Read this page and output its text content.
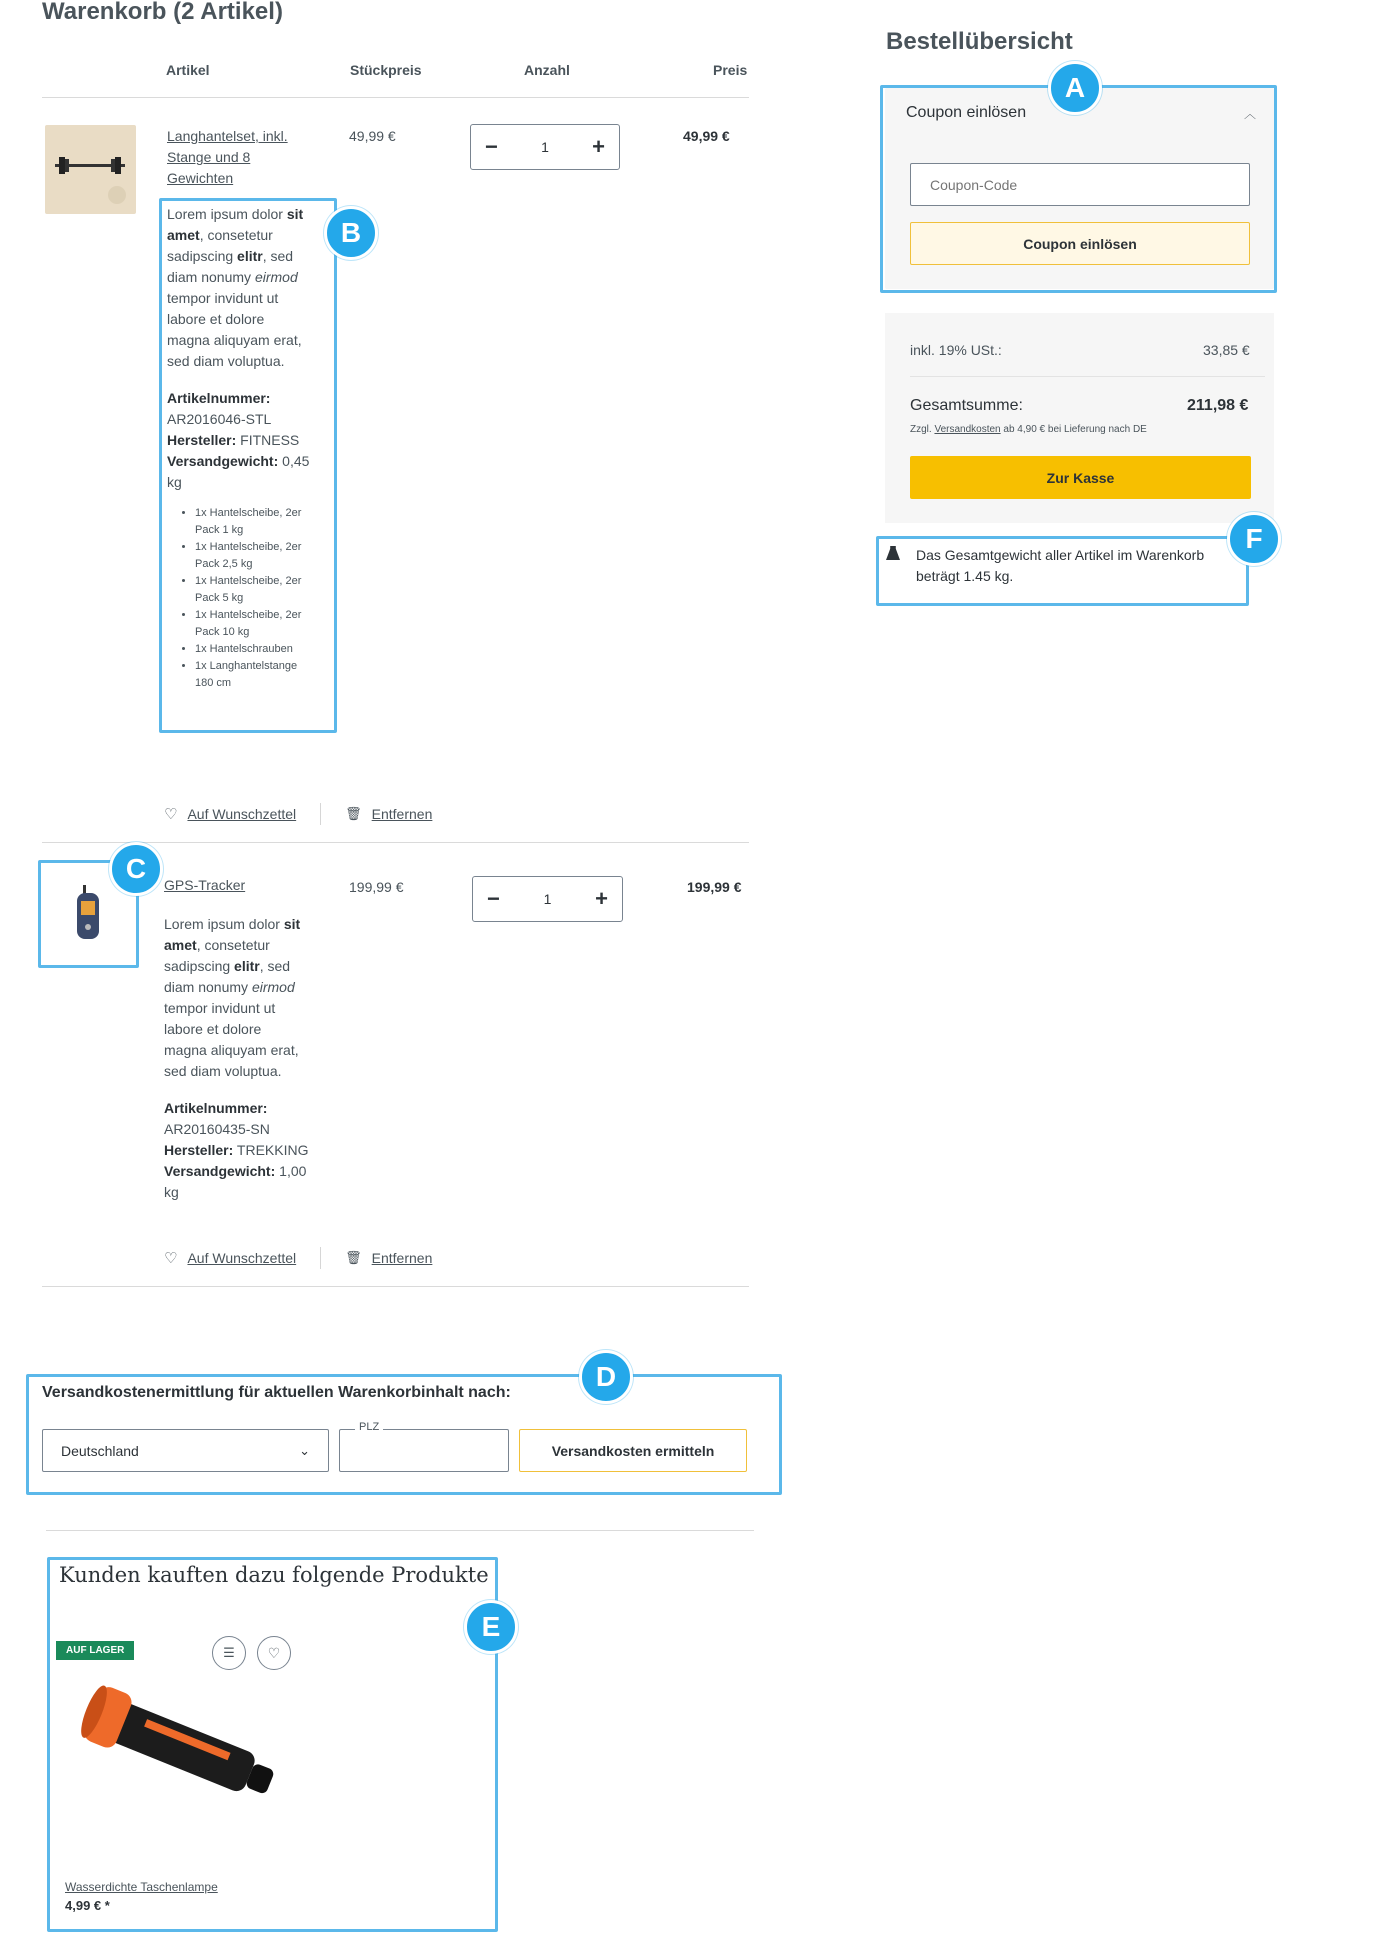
Warenkorb (2 Artikel)
Artikel	Stückpreis	Anzahl	Preis
Langhantelset, inkl.
Stange und 8
Gewichten
49,99 €	−	1 +	49,99 €
Lorem ipsum dolor sit
amet, consetetur
sadipscing elitr, sed
diam nonumy eirmod
tempor invidunt ut
labore et dolore
magna aliquyam erat,
sed diam voluptua.
Artikelnummer:
AR2016046-STL
Hersteller: FITNESS
Versandgewicht: 0,45
kg
• 1x Hantelscheibe, 2er
Pack 1 kg
• 1x Hantelscheibe, 2er
Pack 2,5 kg
• 1x Hantelscheibe, 2er
Pack 5 kg
• 1x Hantelscheibe, 2er
Pack 10 kg
• 1x Hantelschrauben
• 1x Langhantelstange
180 cm
♡ Auf Wunschzettel	🗑 Entfernen
GPS-Tracker	199,99 €	−	1 +	199,99 €
Lorem ipsum dolor sit
amet, consetetur
sadipscing elitr, sed
diam nonumy eirmod
tempor invidunt ut
labore et dolore
magna aliquyam erat,
sed diam voluptua.
Artikelnummer:
AR20160435-SN
Hersteller: TREKKING
Versandgewicht: 1,00
kg
♡ Auf Wunschzettel	🗑 Entfernen
Versandkostenermittlung für aktuellen Warenkorbinhalt nach:
Deutschland	⌄
PLZ
Versandkosten ermitteln
Kunden kauften dazu folgende Produkte
AUF LAGER	☰	♡
Wasserdichte Taschenlampe
4,99 € *
Bestellübersicht
Coupon einlösen	︿
Coupon-Code
Coupon einlösen
inkl. 19% USt.:	33,85 €
Gesamtsumme:	211,98 €
Zzgl. Versandkosten ab 4,90 € bei Lieferung nach DE
Zur Kasse
Das Gesamtgewicht aller Artikel im Warenkorb
beträgt 1.45 kg.
A
B
C
D
E
F
